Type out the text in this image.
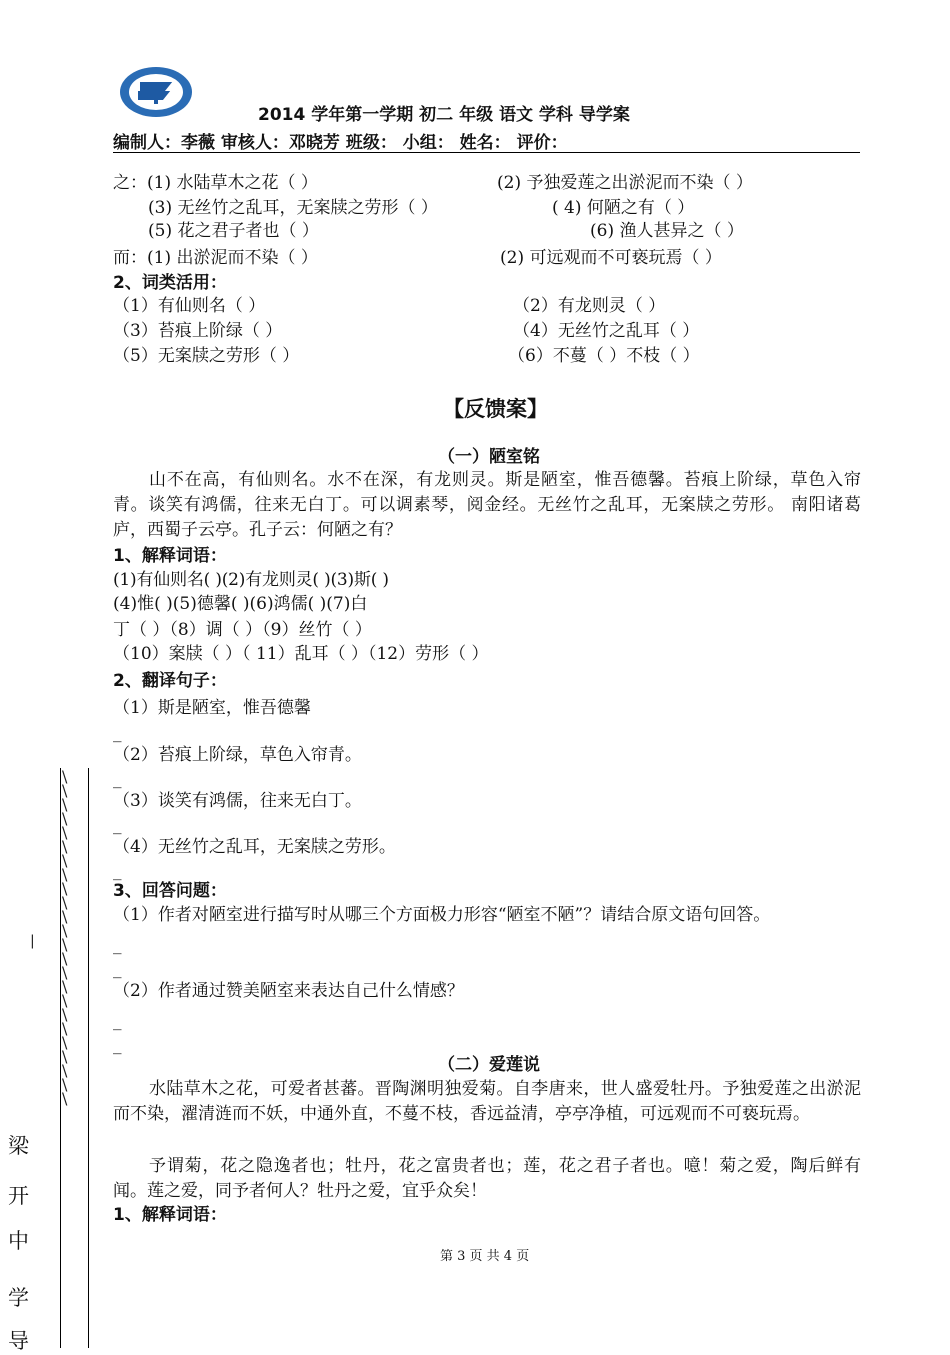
2014 学年第一学期 初二 年级 语文 学科 导学案
编制人：李薇 审核人：邓晓芳 班级： 小组： 姓名： 评价：
之：(1) 水陆草木之花（ ）	(2) 予独爱莲之出淤泥而不染（ ）
(3) 无丝竹之乱耳，无案牍之劳形（ ）	( 4) 何陋之有（ ）
(5) 花之君子者也（ ）	(6) 渔人甚异之（ ）
而：(1) 出淤泥而不染（ ）	(2) 可远观而不可亵玩焉（ ）
2、词类活用：
（1）有仙则名（ ）	（2）有龙则灵（ ）
（3）苔痕上阶绿（ ）	（4）无丝竹之乱耳（ ）
（5）无案牍之劳形（ ）	（6）不蔓（ ）不枝（ ）
【反馈案】
（一）陋室铭
山不在高，有仙则名。水不在深，有龙则灵。斯是陋室，惟吾德馨。苔痕上阶绿，草色入帘青。谈笑有鸿儒，往来无白丁。可以调素琴，阅金经。无丝竹之乱耳，无案牍之劳形。 南阳诸葛庐，西蜀子云亭。孔子云：何陋之有？
1、解释词语：
(1)有仙则名( )(2)有龙则灵( )(3)斯( )
(4)惟( )(5)德馨( )(6)鸿儒( )(7)白
丁（ ）（8）调（ ）（9）丝竹（ ）
（10）案牍（ ）（ 11）乱耳（ ）（12）劳形（ ）
2、翻译句子：
（1）斯是陋室，惟吾德馨
_
（2）苔痕上阶绿，草色入帘青。
_
（3）谈笑有鸿儒，往来无白丁。
_
（4）无丝竹之乱耳，无案牍之劳形。
_
3、回答问题：
（1）作者对陋室进行描写时从哪三个方面极力形容“陋室不陋”？请结合原文语句回答。
_
_
（2）作者通过赞美陋室来表达自己什么情感？
_
_
（二）爱莲说
水陆草木之花，可爱者甚蕃。晋陶渊明独爱菊。自李唐来，世人盛爱牡丹。予独爱莲之出淤泥而不染，濯清涟而不妖，中通外直，不蔓不枝，香远益清，亭亭净植，可远观而不可亵玩焉。
予谓菊，花之隐逸者也；牡丹，花之富贵者也；莲，花之君子者也。噫！菊之爱，陶后鲜有闻。莲之爱，同予者何人？牡丹之爱，宜乎众矣！
1、解释词语：
第 3 页 共 4 页
\
\
\
\
\
\
\
\
\
\
\
\
\
\
\
\
\
\
\
\
\
\
\
\

|
梁
开
中
学
导
